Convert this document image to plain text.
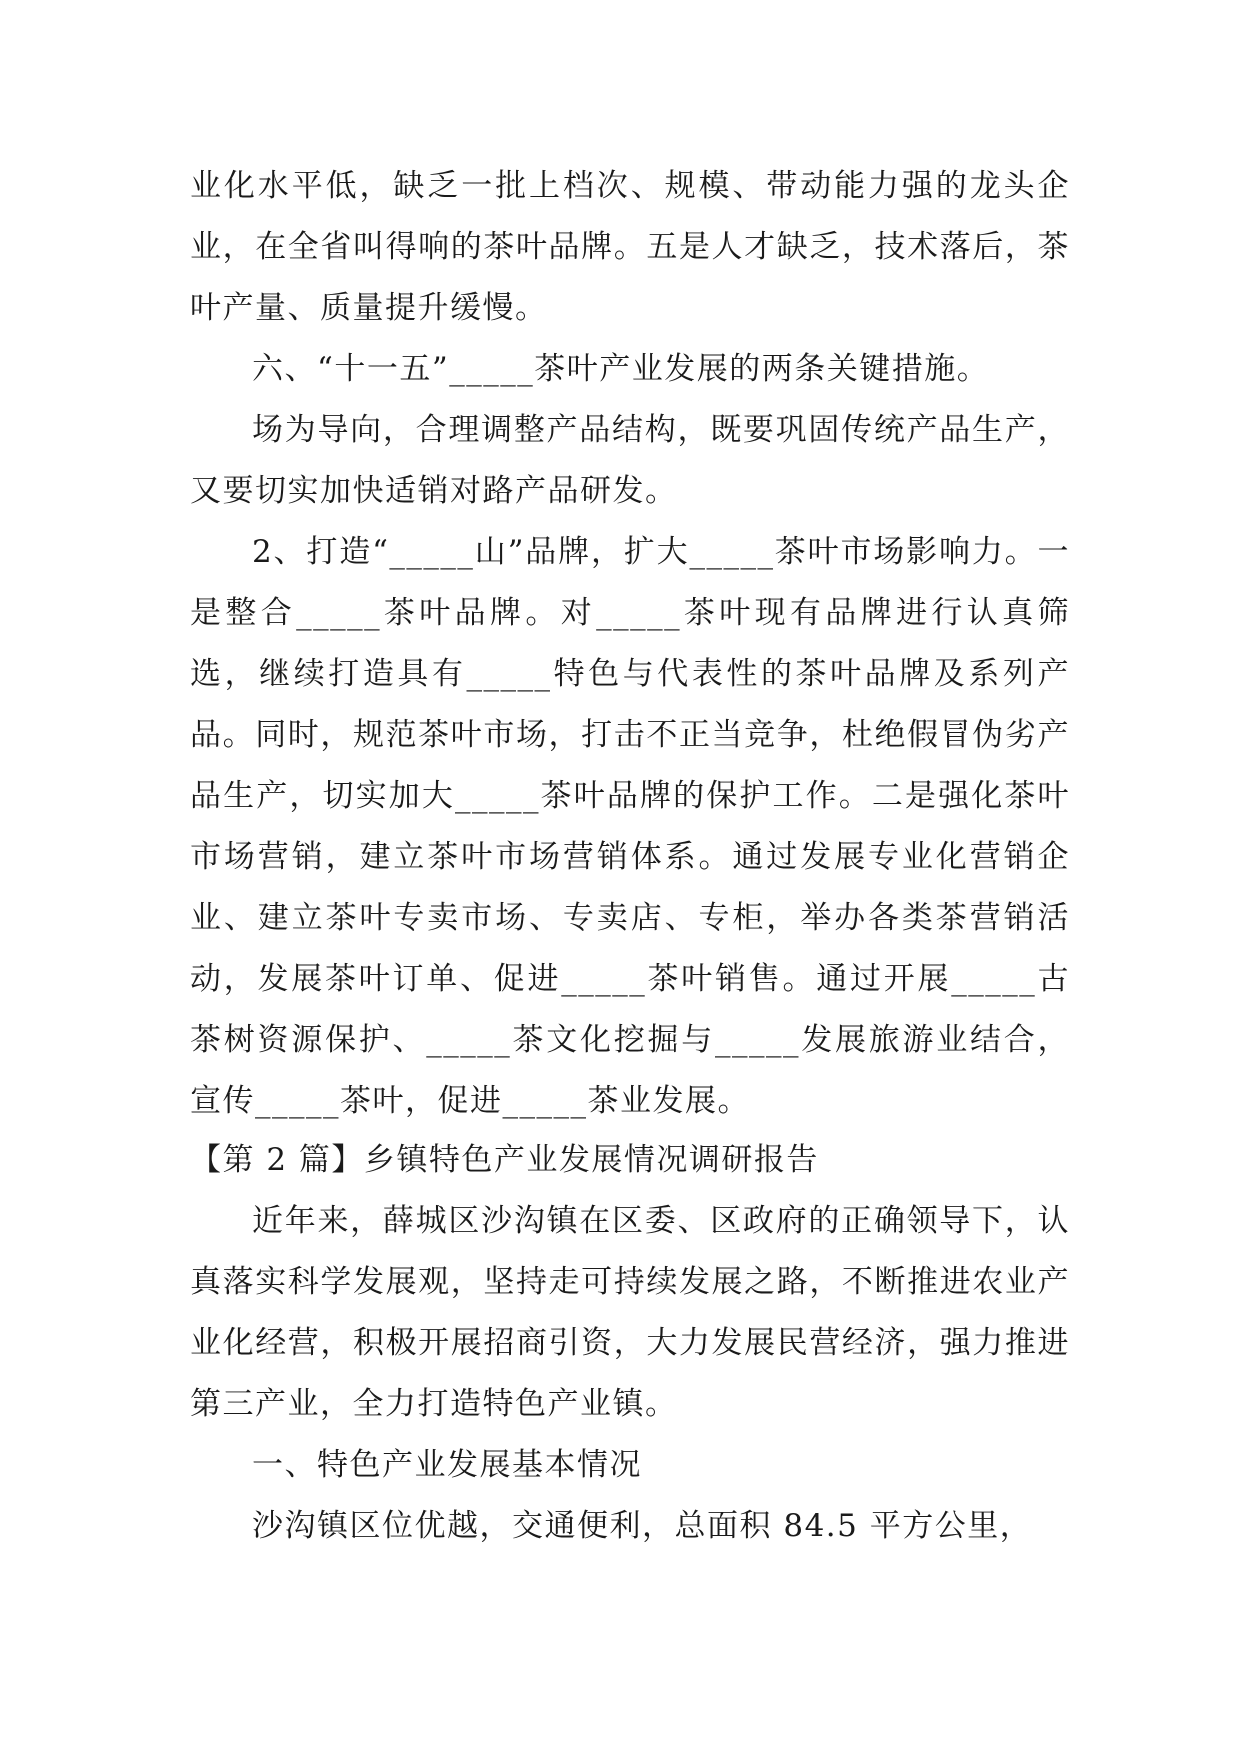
业化水平低，缺乏一批上档次、规模、带动能力强的龙头企业，在全省叫得响的茶叶品牌。五是人才缺乏，技术落后，茶叶产量、质量提升缓慢。

六、“十一五”_____茶叶产业发展的两条关键措施。

场为导向，合理调整产品结构，既要巩固传统产品生产，又要切实加快适销对路产品研发。

2、打造“_____山”品牌，扩大_____茶叶市场影响力。一是整合_____茶叶品牌。对_____茶叶现有品牌进行认真筛选，继续打造具有_____特色与代表性的茶叶品牌及系列产品。同时，规范茶叶市场，打击不正当竞争，杜绝假冒伪劣产品生产，切实加大_____茶叶品牌的保护工作。二是强化茶叶市场营销，建立茶叶市场营销体系。通过发展专业化营销企业、建立茶叶专卖市场、专卖店、专柜，举办各类茶营销活动，发展茶叶订单、促进_____茶叶销售。通过开展_____古茶树资源保护、_____茶文化挖掘与_____发展旅游业结合，宣传_____茶叶，促进_____茶业发展。

【第 2 篇】乡镇特色产业发展情况调研报告

近年来，薛城区沙沟镇在区委、区政府的正确领导下，认真落实科学发展观，坚持走可持续发展之路，不断推进农业产业化经营，积极开展招商引资，大力发展民营经济，强力推进第三产业，全力打造特色产业镇。

一、特色产业发展基本情况

沙沟镇区位优越，交通便利，总面积 84.5 平方公里，
